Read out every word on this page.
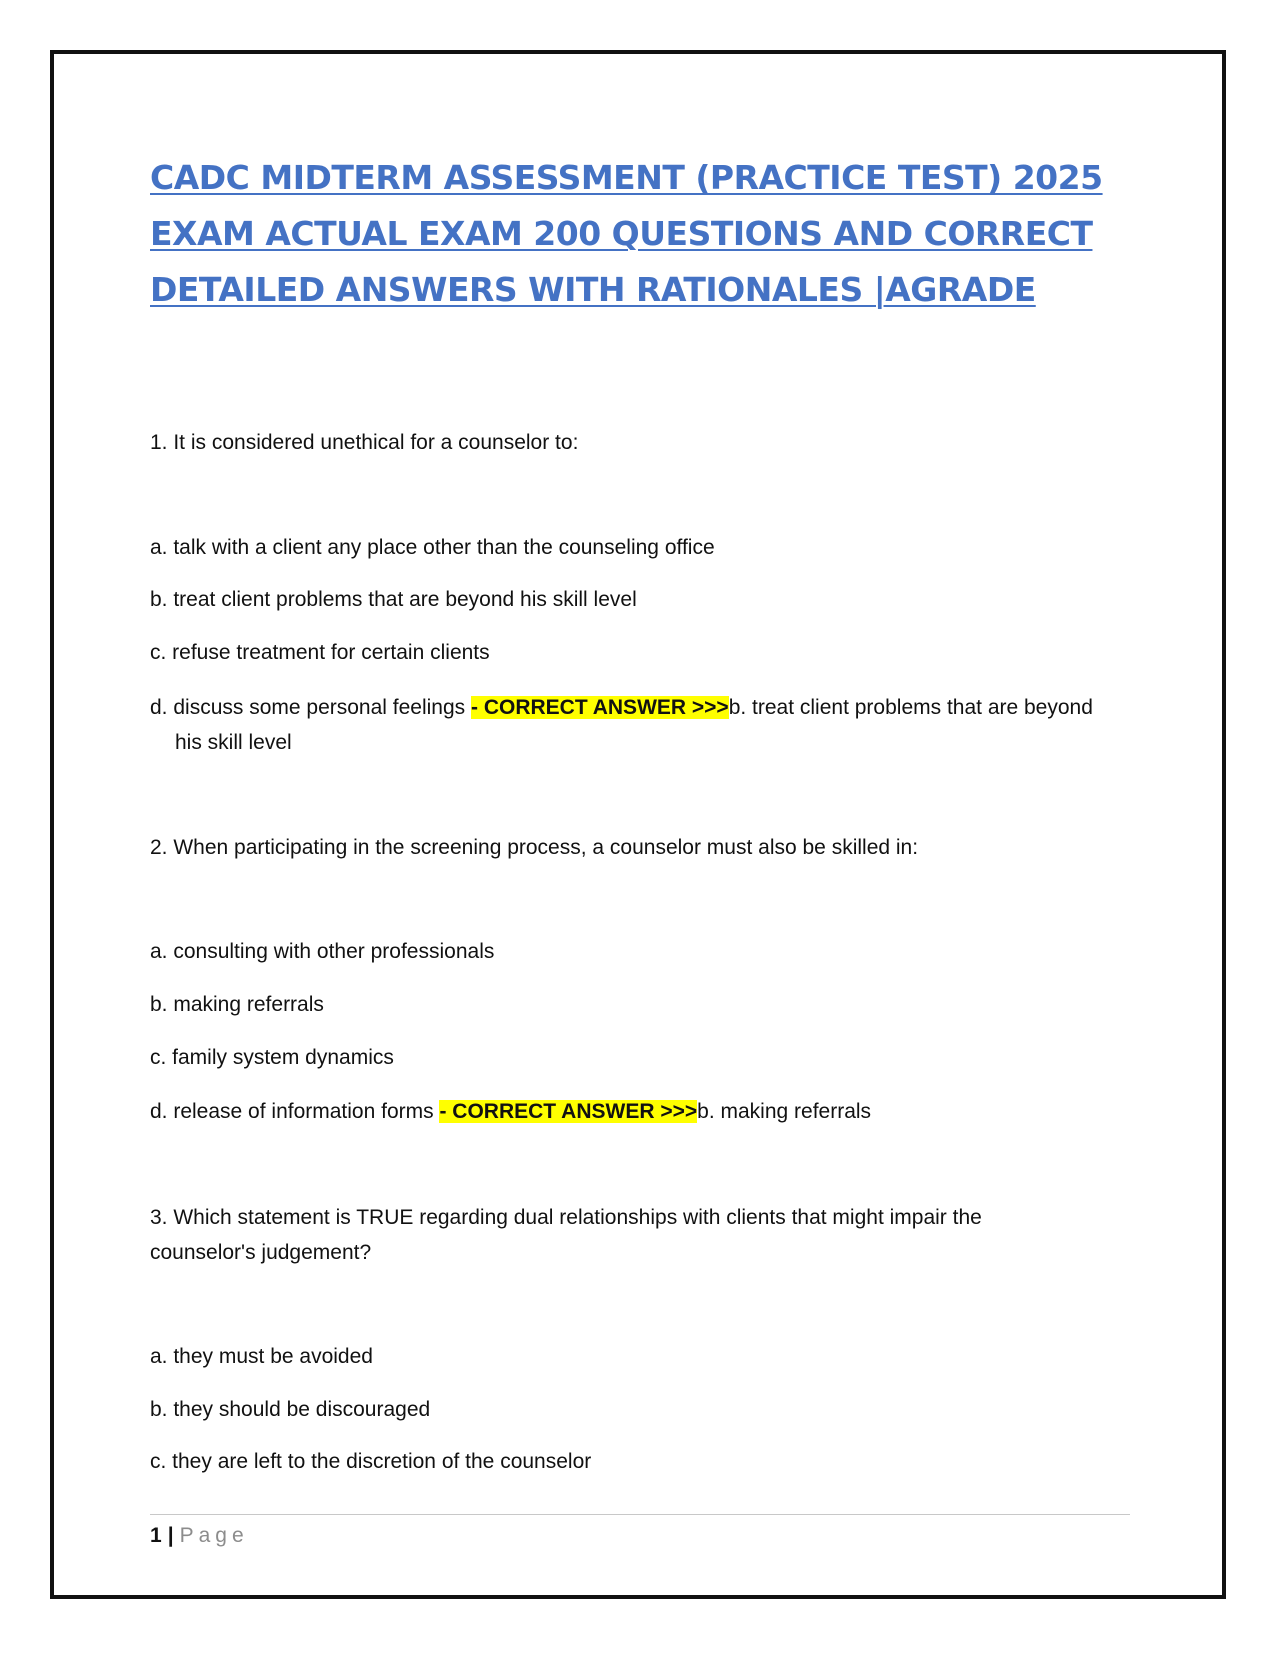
CADC MIDTERM ASSESSMENT (PRACTICE TEST) 2025 EXAM ACTUAL EXAM 200 QUESTIONS AND CORRECT DETAILED ANSWERS WITH RATIONALES |AGRADE

1. It is considered unethical for a counselor to:

a. talk with a client any place other than the counseling office

b. treat client problems that are beyond his skill level

c. refuse treatment for certain clients

d. discuss some personal feelings - CORRECT ANSWER >>>b. treat client problems that are beyond his skill level

2. When participating in the screening process, a counselor must also be skilled in:

a. consulting with other professionals

b. making referrals

c. family system dynamics

d. release of information forms - CORRECT ANSWER >>>b. making referrals

3. Which statement is TRUE regarding dual relationships with clients that might impair the counselor's judgement?

a. they must be avoided

b. they should be discouraged

c. they are left to the discretion of the counselor

1 | Page
